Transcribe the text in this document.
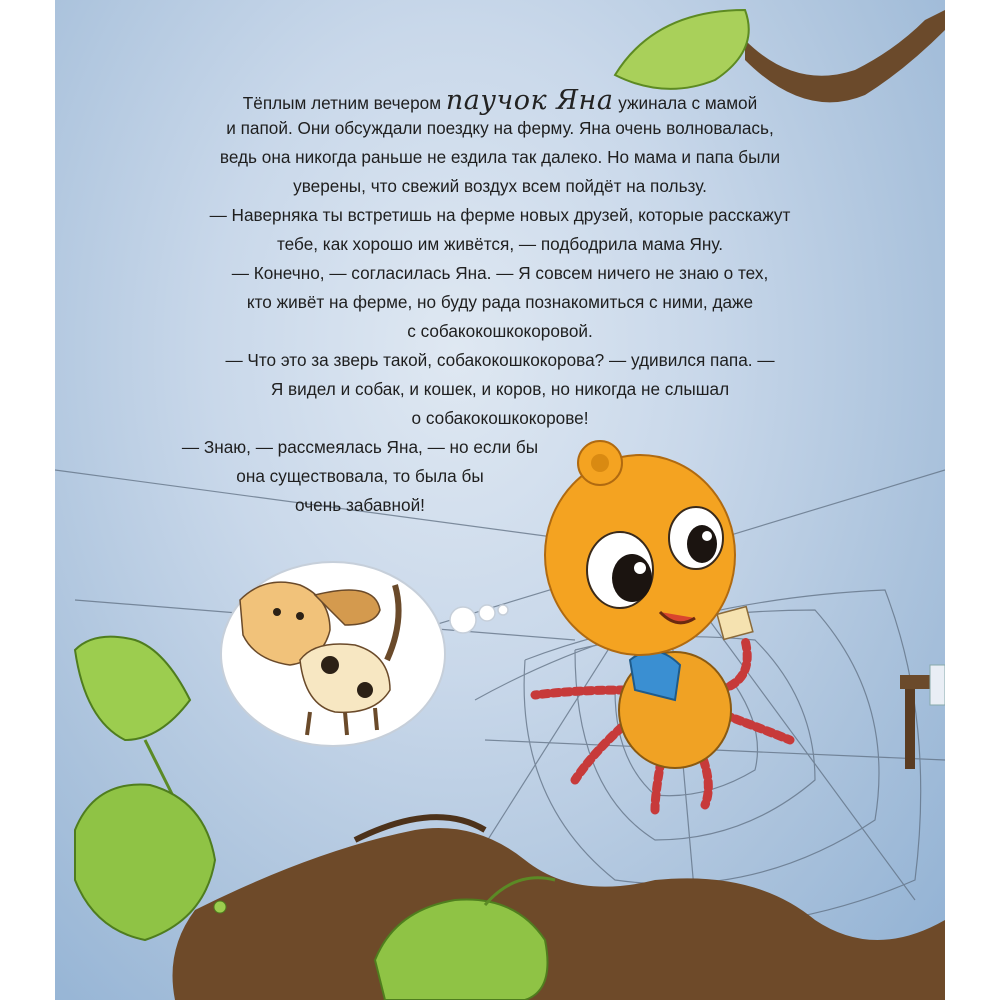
Тёплым летним вечером паучок Яна ужинала с мамой
и папой. Они обсуждали поездку на ферму. Яна очень волновалась,
ведь она никогда раньше не ездила так далеко. Но мама и папа были
уверены, что свежий воздух всем пойдёт на пользу.
— Наверняка ты встретишь на ферме новых друзей, которые расскажут
тебе, как хорошо им живётся, — подбодрила мама Яну.
— Конечно, — согласилась Яна. — Я совсем ничего не знаю о тех,
кто живёт на ферме, но буду рада познакомиться с ними, даже
с собакокошкокоровой.
— Что это за зверь такой, собакокошкокорова? — удивился папа. —
Я видел и собак, и кошек, и коров, но никогда не слышал
о собакокошкокорове!
— Знаю, — рассмеялась Яна, — но если бы
она существовала, то была бы
очень забавной!
